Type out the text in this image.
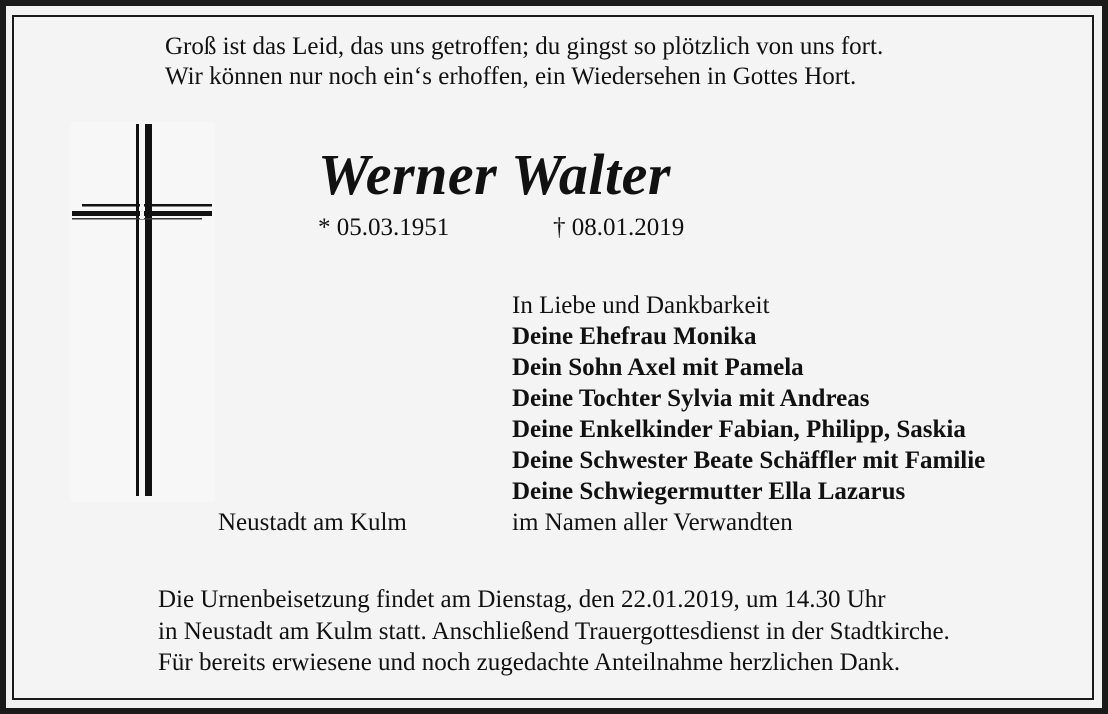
Groß ist das Leid, das uns getroffen; du gingst so plötzlich von uns fort.
Wir können nur noch ein‘s erhoffen, ein Wiedersehen in Gottes Hort.
Werner Walter
* 05.03.1951	† 08.01.2019
In Liebe und Dankbarkeit
Deine Ehefrau Monika
Dein Sohn Axel mit Pamela
Deine Tochter Sylvia mit Andreas
Deine Enkelkinder Fabian, Philipp, Saskia
Deine Schwester Beate Schäffler mit Familie
Deine Schwiegermutter Ella Lazarus
im Namen aller Verwandten
Neustadt am Kulm
Die Urnenbeisetzung findet am Dienstag, den 22.01.2019, um 14.30 Uhr
in Neustadt am Kulm statt. Anschließend Trauergottesdienst in der Stadtkirche.
Für bereits erwiesene und noch zugedachte Anteilnahme herzlichen Dank.
